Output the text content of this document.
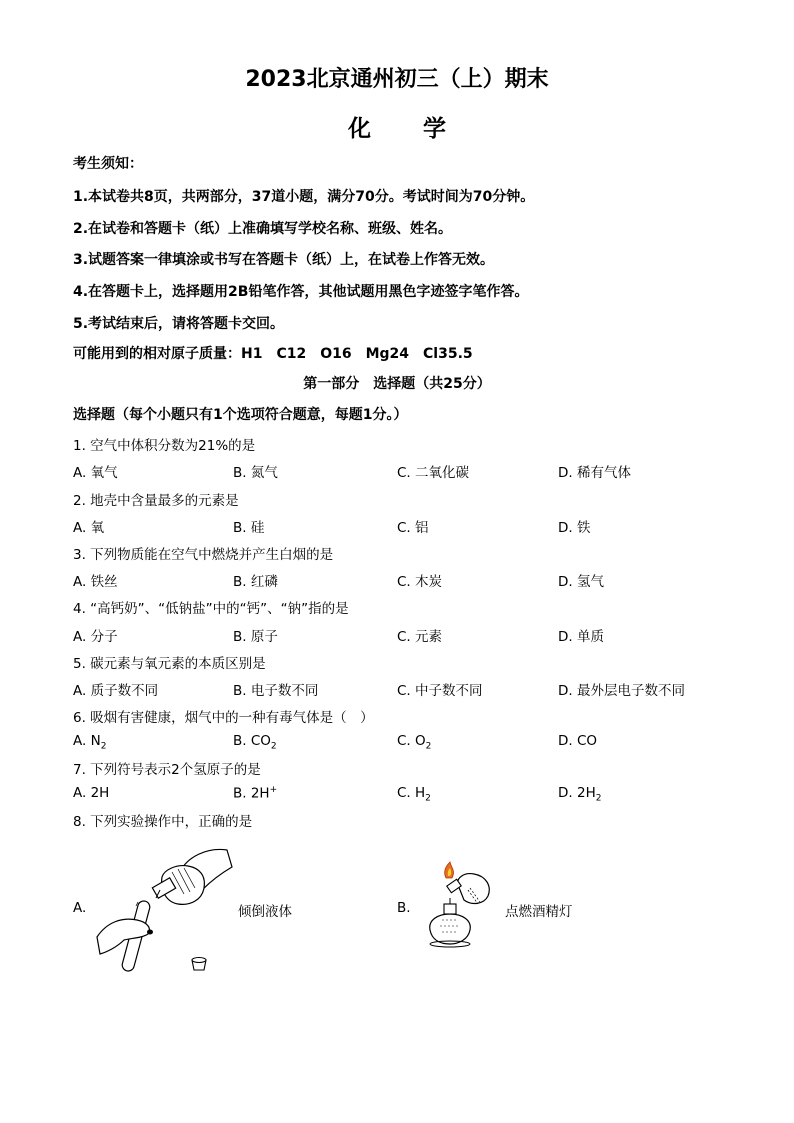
2023北京通州初三（上）期末
化学
考生须知：
1.本试卷共8页，共两部分，37道小题，满分70分。考试时间为70分钟。
2.在试卷和答题卡（纸）上准确填写学校名称、班级、姓名。
3.试题答案一律填涂或书写在答题卡（纸）上，在试卷上作答无效。
4.在答题卡上，选择题用2B铅笔作答，其他试题用黑色字迹签字笔作答。
5.考试结束后，请将答题卡交回。
可能用到的相对原子质量：H1　C12　O16　Mg24　Cl35.5
第一部分　选择题（共25分）
选择题（每个小题只有1个选项符合题意，每题1分。）
1. 空气中体积分数为21%的是
A. 氧气	B. 氮气	C. 二氧化碳	D. 稀有气体
2. 地壳中含量最多的元素是
A. 氧	B. 硅	C. 铝	D. 铁
3. 下列物质能在空气中燃烧并产生白烟的是
A. 铁丝	B. 红磷	C. 木炭	D. 氢气
4. “高钙奶”、“低钠盐”中的“钙”、“钠”指的是
A. 分子	B. 原子	C. 元素	D. 单质
5. 碳元素与氧元素的本质区别是
A. 质子数不同	B. 电子数不同	C. 中子数不同	D. 最外层电子数不同
6. 吸烟有害健康，烟气中的一种有毒气体是（　）
A. $N_2$	B. $CO_2$	C. $O_2$	D. CO
7. 下列符号表示2个氢原子的是
A. 2H	B. 2H+	C. $H_2$	D. $2H_2$
8. 下列实验操作中，正确的是
A.	倾倒液体	B.	点燃酒精灯
